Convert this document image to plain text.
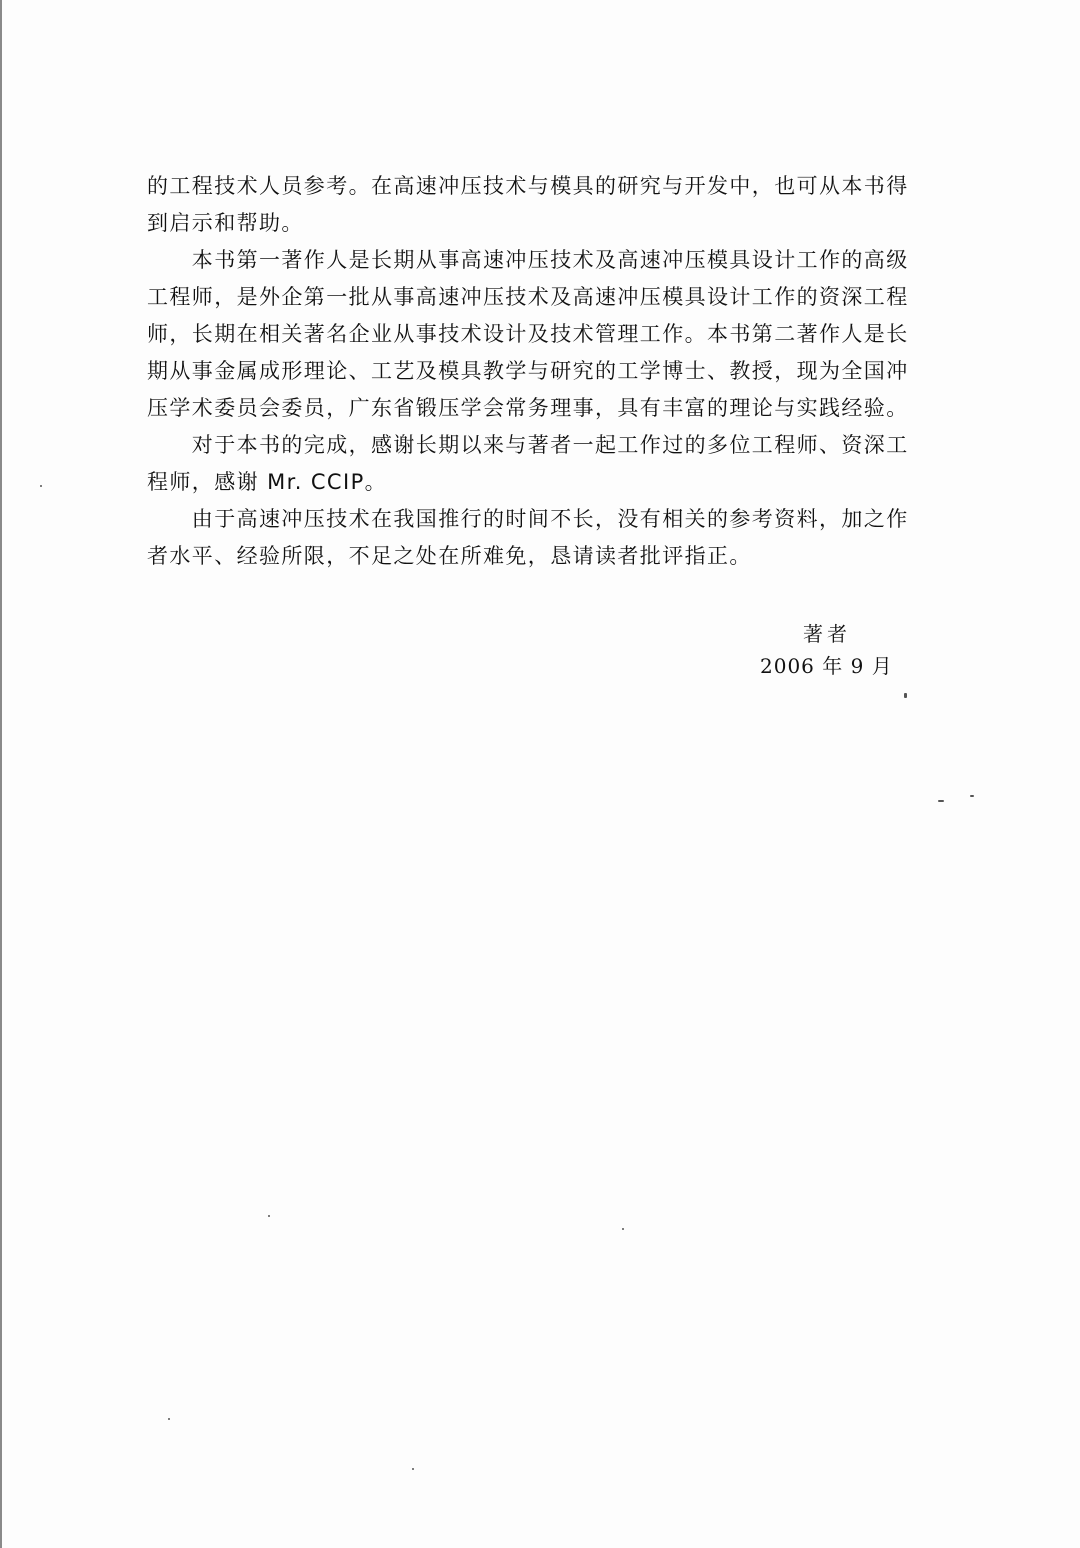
的工程技术人员参考。在高速冲压技术与模具的研究与开发中，也可从本书得
到启示和帮助。
　　本书第一著作人是长期从事高速冲压技术及高速冲压模具设计工作的高级
工程师，是外企第一批从事高速冲压技术及高速冲压模具设计工作的资深工程
师，长期在相关著名企业从事技术设计及技术管理工作。本书第二著作人是长
期从事金属成形理论、工艺及模具教学与研究的工学博士、教授，现为全国冲
压学术委员会委员，广东省锻压学会常务理事，具有丰富的理论与实践经验。
　　对于本书的完成，感谢长期以来与著者一起工作过的多位工程师、资深工
程师，感谢 Mr. CCIP。
　　由于高速冲压技术在我国推行的时间不长，没有相关的参考资料，加之作
者水平、经验所限，不足之处在所难免，恳请读者批评指正。
著者
2006 年 9 月
